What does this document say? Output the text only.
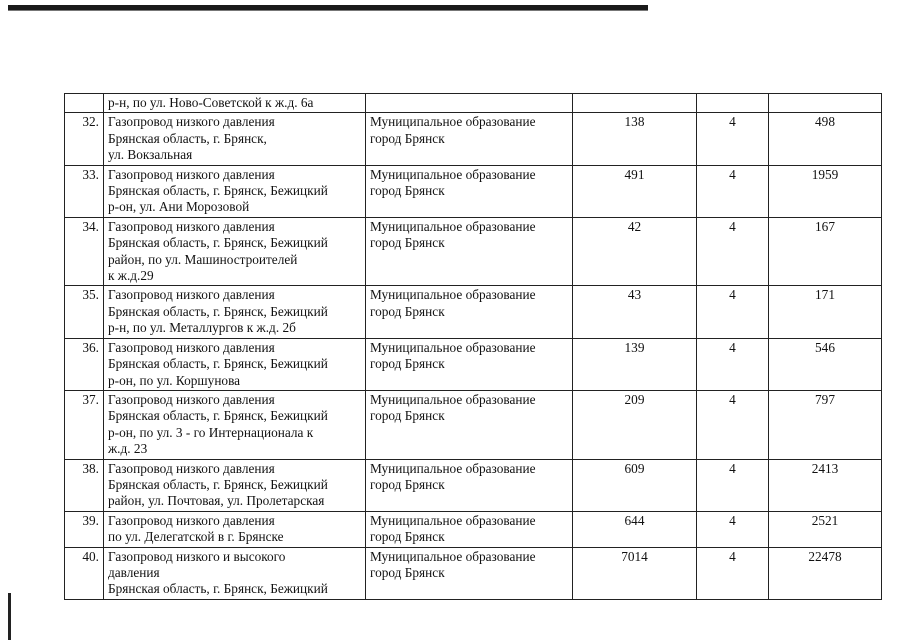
	р-н, по ул. Ново-Советской к ж.д. 6а				
32.	Газопровод низкого давления
Брянская область, г. Брянск,
ул. Вокзальная	Муниципальное образование
город Брянск	138	4	498
33.	Газопровод низкого давления
Брянская область, г. Брянск, Бежицкий
р-он, ул. Ани Морозовой	Муниципальное образование
город Брянск	491	4	1959
34.	Газопровод низкого давления
Брянская область, г. Брянск, Бежицкий
район, по ул. Машиностроителей
к ж.д.29	Муниципальное образование
город Брянск	42	4	167
35.	Газопровод низкого давления
Брянская область, г. Брянск, Бежицкий
р-н, по ул. Металлургов к ж.д. 2б	Муниципальное образование
город Брянск	43	4	171
36.	Газопровод низкого давления
Брянская область, г. Брянск, Бежицкий
р-он, по ул. Коршунова	Муниципальное образование
город Брянск	139	4	546
37.	Газопровод низкого давления
Брянская область, г. Брянск, Бежицкий
р-он, по ул. 3 - го Интернационала к
ж.д. 23	Муниципальное образование
город Брянск	209	4	797
38.	Газопровод низкого давления
Брянская область, г. Брянск, Бежицкий
район, ул. Почтовая, ул. Пролетарская	Муниципальное образование
город Брянск	609	4	2413
39.	Газопровод низкого давления
по ул. Делегатской в г. Брянске	Муниципальное образование
город Брянск	644	4	2521
40.	Газопровод низкого и высокого
давления
Брянская область, г. Брянск, Бежицкий	Муниципальное образование
город Брянск	7014	4	22478
